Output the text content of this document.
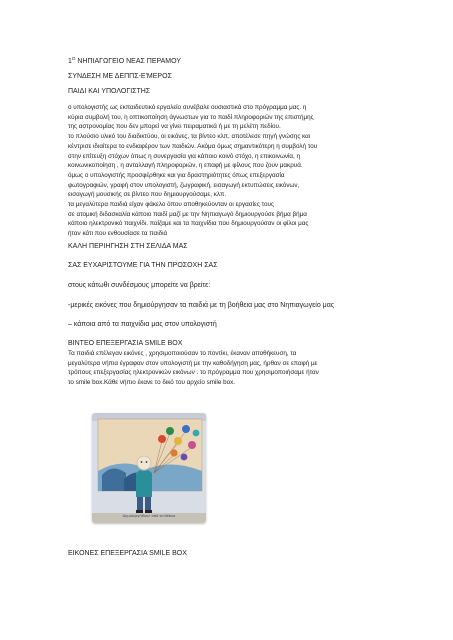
$1^O$ ΝΗΠΙΑΓΩΓΕΙΟ ΝΕΑΣ ΠΕΡΑΜΟΥ

ΣΥΝΔΕΣΗ ΜΕ ΔΕΠΠΣ-Ε'ΜΕΡΟΣ

ΠΑΙΔΙ ΚΑΙ ΥΠΟΛΟΓΙΣΤΗΣ

ο υπολογιστής ως εκπαιδευτικό εργαλείο συνέβαλε ουσιαστικά στο πρόγραμμα μας. η
κύρια συμβολή του, η οπτικοποίηση άγνωστων για το παιδί πληροφοριών της επιστήμης
της αστρονομίας που δεν μπορεί να γίνει πειραματικά ή με τη μελέτη πεδίου.
το πλούσιο υλικό του διαδικτύου, οι εικόνες, τα βίντεο κλπ, αποτέλεσε πηγή γνώσης και
κέντρισε ιδιαίτερα το ενδιαφέρον των παιδιών. Ακόμα όμως σημαντικότερη η συμβολή του
στην επίτευξη στόχων όπως η συνεργασία για κάποιο κοινό στόχο, η επικοινωνία, η
κοινωνικοποίηση , η ανταλλαγή πληροφοριών, η επαφή με φίλους που ζουν μακρυά.
όμως ο υπολογιστής προσφέρθηκε και για δραστηριότητες όπως επεξεργασία
φωτογραφιών, γραφή στον υπολογιστή, ζωγραφική, εισαγωγή εκτυπώσεις εικόνων,
εισαγωγή μουσικής σε βίντεο που δημιουργούσαμε, κλπ.
τα μεγαλύτερα παιδιά είχαν φάκελο όπου αποθηκεύονταν οι εργασίες τους
σε ατομική διδασκαλία κάποιο παιδί μαζί με την Νηπιαγωγό δημιουργούσε βήμα βήμα
κάποιο ηλεκτρονικό παιχνίδι. παίζαμε και τα παιχνίδια που δημιουργούσαν οι φίλοι μας
ήταν κάτι που ενθουσίασε τα παιδιά

ΚΑΛΗ ΠΕΡΙΗΓΗΣΗ ΣΤΗ ΣΕΛΙΔΑ ΜΑΣ

ΣΑΣ ΕΥΧΑΡΙΣΤΟΥΜΕ ΓΙΑ ΤΗΝ ΠΡΟΣΟΧΗ ΣΑΣ

στους κάτωθι συνδέσμους μπορείτε να βρείτε:

-μερικές εικόνες που δημιούργησαν τα παιδιά με τη βοήθεια μας στο Νηπιαγωγείο μας

– κάποια από τα παιχνίδια μας στον υπολογιστή

ΒΙΝΤΕΟ ΕΠΕΞΕΡΓΑΣΙΑ SMILE BOX

Τα παιδιά επέλεγαν εικόνες , χρησιμοποιούσαν το ποντίκι, έκαναν αποθήκευση, τα
μεγαλύτερα νήπια έγραφαν στον υπολογιστή με την καθοδήγηση μας, ήρθαν σε επαφή με
τρόπους επεξεργασίας ηλεκτρονικών εικόνων . το πρόγραμμα που χρησιμοποιήσαμε ήταν
το smile box.Κάθε νήπιο έκανε το δικό του αρχείο smile box.
Δημιουργήθηκε από smilebox

ΕΙΚΟΝΕΣ ΕΠΕΞΕΡΓΑΣΙΑ SMILE BOX
